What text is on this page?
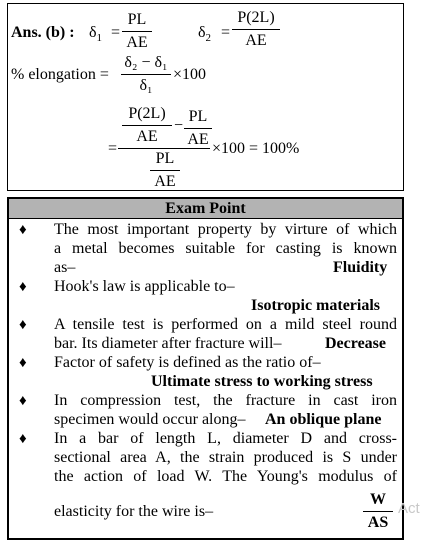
Ans. (b) : $\delta_1 = \frac{PL}{AE}$	$\delta_2 = \frac{P(2L)}{AE}$
% elongation = $\frac{\text{δ₂ − δ₁}}{\text{δ₁}} \times 100$
=
$\frac{P(2L)}{AE} - \frac{PL}{AE}$
$\frac{PL}{AE}$
×100 = 100%
Exam Point
♦ The most important property by virture of which
a metal becomes suitable for casting is known
as–	Fluidity
♦ Hook's law is applicable to–
Isotropic materials
♦ A tensile test is performed on a mild steel round
bar. Its diameter after fracture will–	Decrease
♦ Factor of safety is defined as the ratio of–
Ultimate stress to working stress
♦ In compression test, the fracture in cast iron
specimen would occur along–	An oblique plane
♦ In a bar of length L, diameter D and cross-
sectional area A, the strain produced is S under
the action of load W. The Young's modulus of
elasticity for the wire is–	$\frac{W}{AS}$ Act
